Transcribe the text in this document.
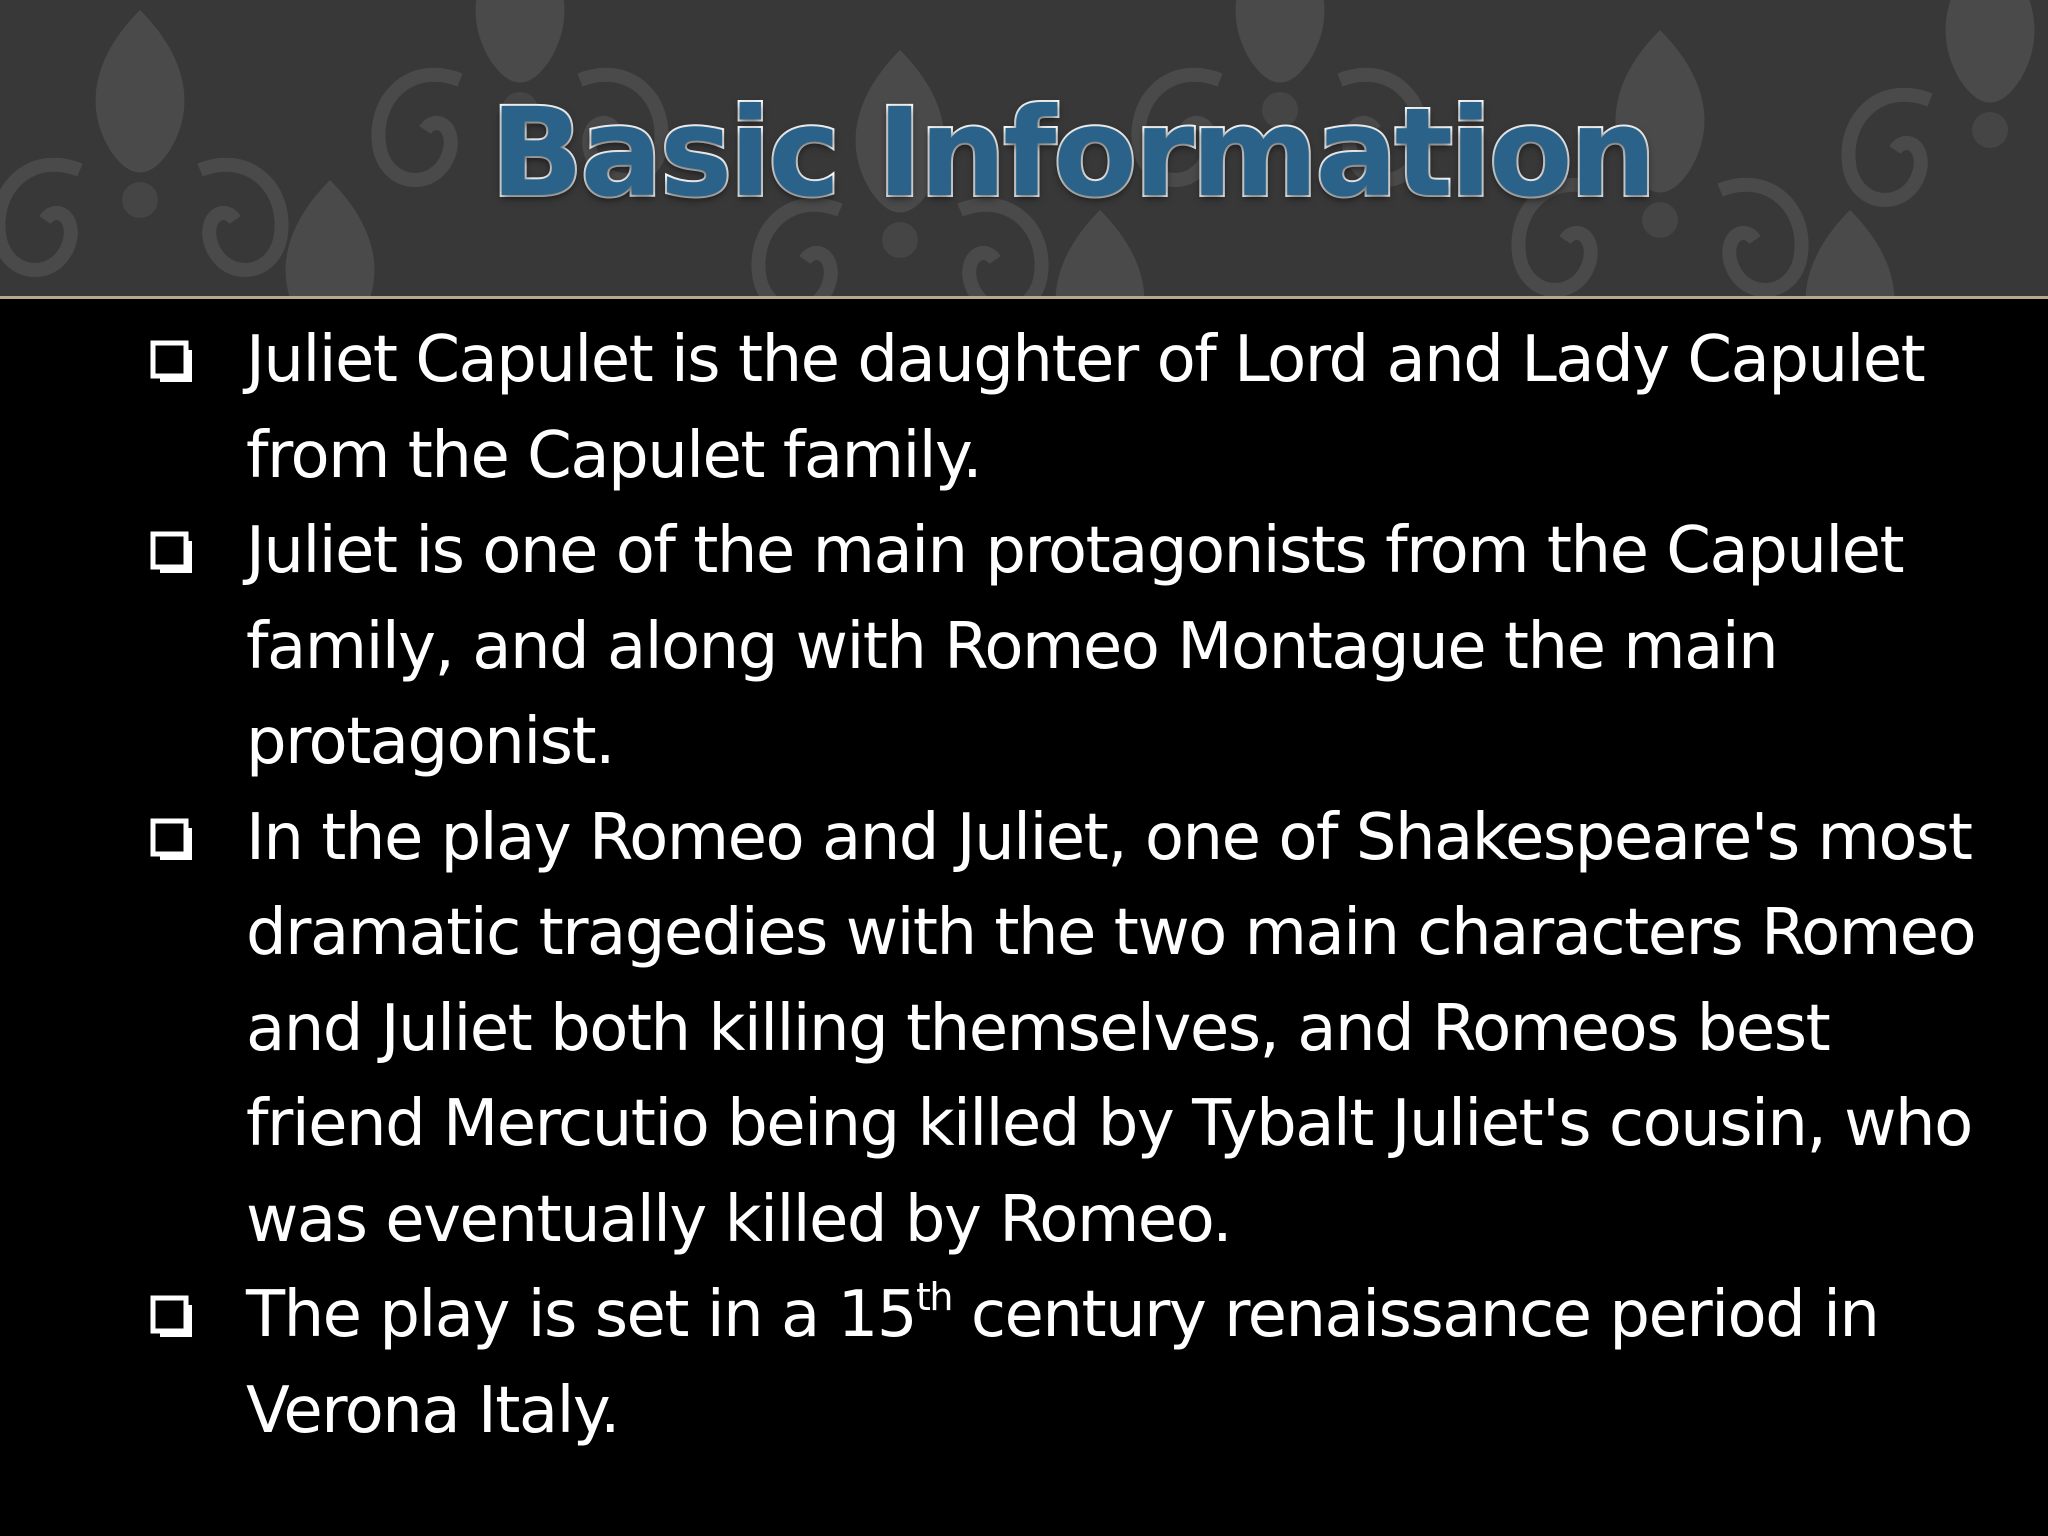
Basic Information
Juliet Capulet is the daughter of Lord and Lady Capulet from the Capulet family.
Juliet is one of the main protagonists from the Capulet family, and along with Romeo Montague the main protagonist.
In the play Romeo and Juliet, one of Shakespeare's most dramatic tragedies with the two main characters Romeo and Juliet both killing themselves, and Romeos best friend Mercutio being killed by Tybalt Juliet's cousin, who was eventually killed by Romeo.
The play is set in a 15th century renaissance period in Verona Italy.
